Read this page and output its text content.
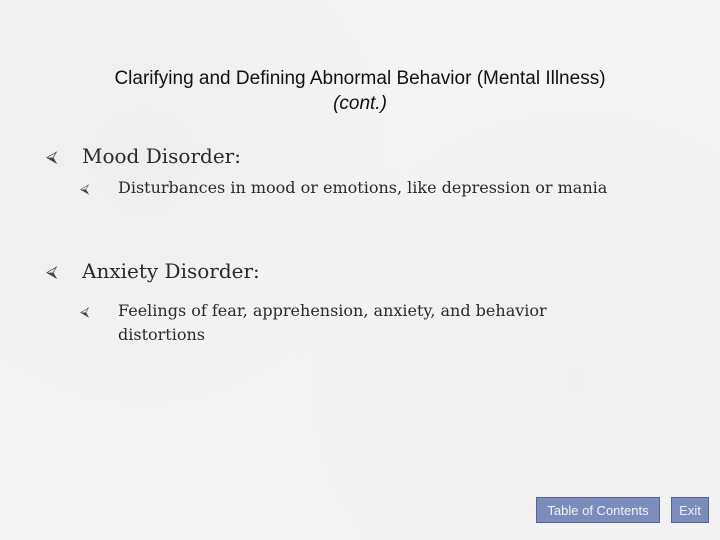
Clarifying and Defining Abnormal Behavior (Mental Illness)
(cont.)
⮘ Mood Disorder:
⮘ Disturbances in mood or emotions, like depression or mania
⮘ Anxiety Disorder:
⮘ Feelings of fear, apprehension, anxiety, and behavior distortions
Table of Contents Exit
